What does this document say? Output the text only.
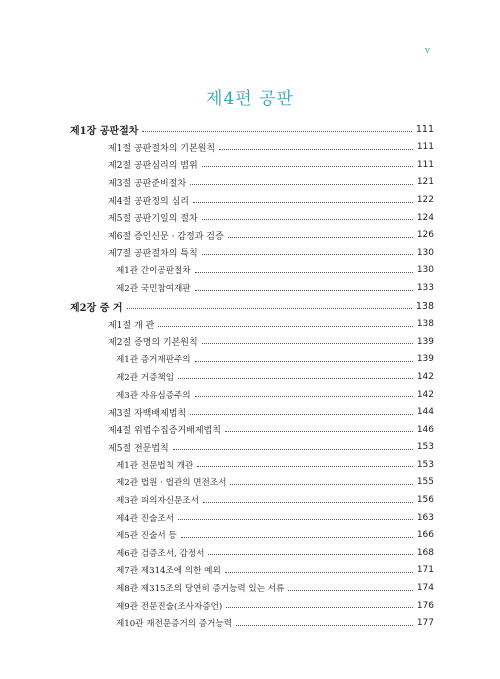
v
제4편 공판
제1장 공판절차	111
제1절 공판절차의 기본원칙	111
제2절 공판심리의 범위	111
제3절 공판준비절차	121
제4절 공판정의 심리	122
제5절 공판기일의 절차	124
제6절 증인신문 · 감정과 검증	126
제7절 공판절차의 특칙	130
제1관 간이공판절차	130
제2관 국민참여재판	133
제2장 증 거	138
제1절 개 관	138
제2절 증명의 기본원칙	139
제1관 증거재판주의	139
제2관 거증책임	142
제3관 자유심증주의	142
제3절 자백배제법칙	144
제4절 위법수집증거배제법칙	146
제5절 전문법칙	153
제1관 전문법칙 개관	153
제2관 법원 · 법관의 면전조서	155
제3관 피의자신문조서	156
제4관 진술조서	163
제5관 진술서 등	166
제6관 검증조서, 감정서	168
제7관 제314조에 의한 예외	171
제8관 제315조의 당연히 증거능력 있는 서류	174
제9관 전문진술(조사자증언)	176
제10관 재전문증거의 증거능력	177
